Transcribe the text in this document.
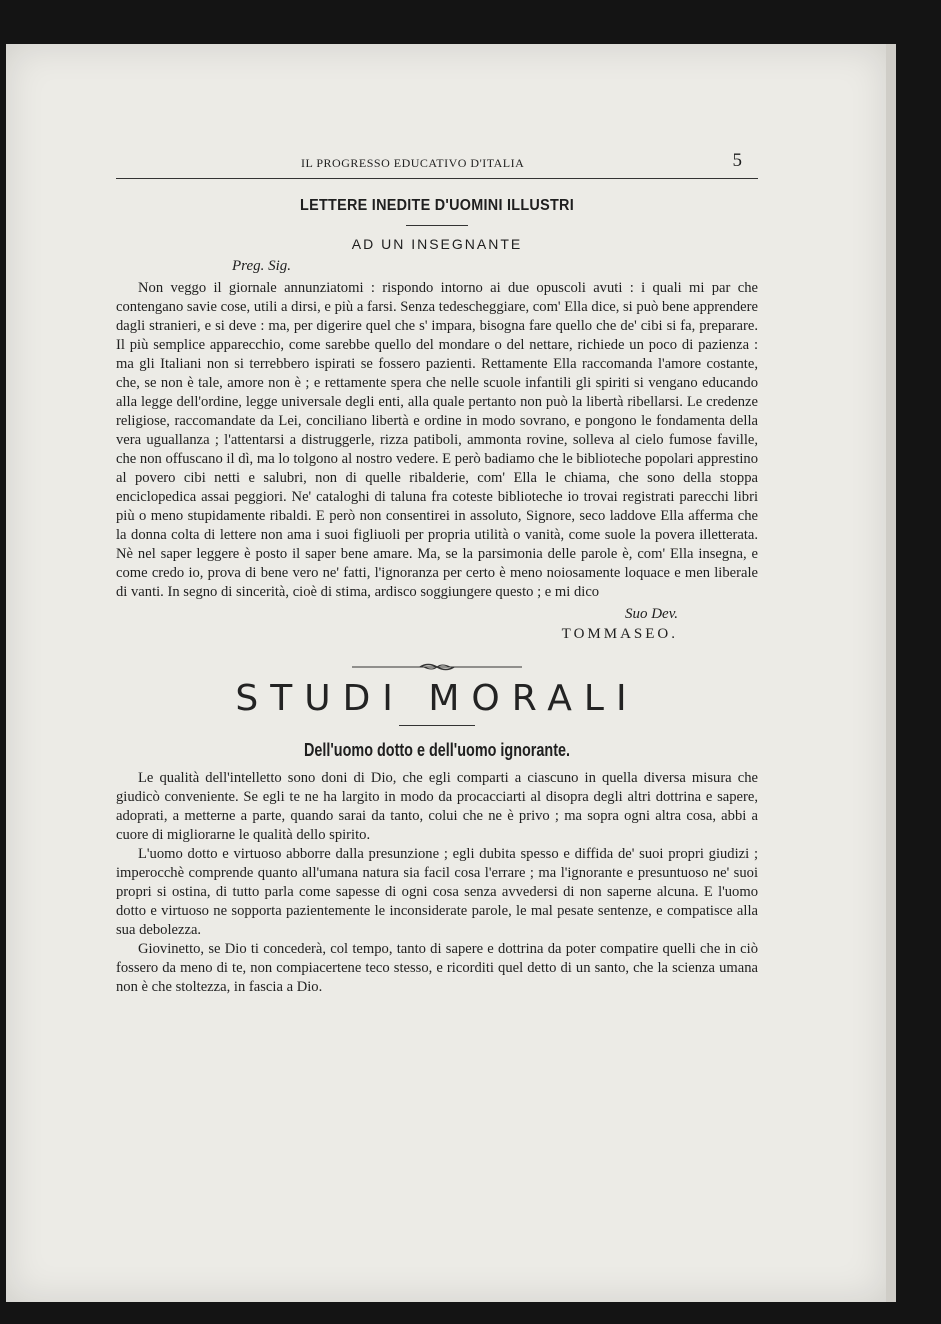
IL PROGRESSO EDUCATIVO D'ITALIA	5
LETTERE INEDITE D'UOMINI ILLUSTRI
AD UN INSEGNANTE
Preg. Sig.

Non veggo il giornale annunziatomi : rispondo intorno ai due opuscoli avuti : i quali mi par che contengano savie cose, utili a dirsi, e più a farsi. Senza tedescheggiare, com' Ella dice, si può bene apprendere dagli stranieri, e si deve : ma, per digerire quel che s' impara, bisogna fare quello che de' cibi si fa, preparare. Il più semplice apparecchio, come sarebbe quello del mondare o del nettare, richiede un poco di pazienza : ma gli Italiani non si terrebbero ispirati se fossero pazienti. Rettamente Ella raccomanda l'amore costante, che, se non è tale, amore non è ; e rettamente spera che nelle scuole infantili gli spiriti si vengano educando alla legge dell'ordine, legge universale degli enti, alla quale pertanto non può la libertà ribellarsi. Le credenze religiose, raccomandate da Lei, conciliano libertà e ordine in modo sovrano, e pongono le fondamenta della vera uguallanza ; l'attentarsi a distruggerle, rizza patiboli, ammonta rovine, solleva al cielo fumose faville, che non offuscano il dì, ma lo tolgono al nostro vedere. E però badiamo che le biblioteche popolari apprestino al povero cibi netti e salubri, non di quelle ribalderie, com' Ella le chiama, che sono della stoppa enciclopedica assai peggiori. Ne' cataloghi di taluna fra coteste biblioteche io trovai registrati parecchi libri più o meno stupidamente ribaldi. E però non consentirei in assoluto, Signore, seco laddove Ella afferma che la donna colta di lettere non ama i suoi figliuoli per propria utilità o vanità, come suole la povera illetterata. Nè nel saper leggere è posto il saper bene amare. Ma, se la parsimonia delle parole è, com' Ella insegna, e come credo io, prova di bene vero ne' fatti, l'ignoranza per certo è meno noiosamente loquace e men liberale di vanti. In segno di sincerità, cioè di stima, ardisco soggiungere questo ; e mi dico

Suo Dev.
TOMMASEO.
STUDI MORALI
Dell'uomo dotto e dell'uomo ignorante.

Le qualità dell'intelletto sono doni di Dio, che egli comparti a ciascuno in quella diversa misura che giudicò conveniente. Se egli te ne ha largito in modo da procacciarti al disopra degli altri dottrina e sapere, adoprati, a metterne a parte, quando sarai da tanto, colui che ne è privo ; ma sopra ogni altra cosa, abbi a cuore di migliorarne le qualità dello spirito.

L'uomo dotto e virtuoso abborre dalla presunzione ; egli dubita spesso e diffida de' suoi propri giudizi ; imperocchè comprende quanto all'umana natura sia facil cosa l'errare ; ma l'ignorante e presuntuoso ne' suoi propri si ostina, di tutto parla come sapesse di ogni cosa senza avvedersi di non saperne alcuna. E l'uomo dotto e virtuoso ne sopporta pazientemente le inconsiderate parole, le mal pesate sentenze, e compatisce alla sua debolezza.

Giovinetto, se Dio ti concederà, col tempo, tanto di sapere e dottrina da poter compatire quelli che in ciò fossero da meno di te, non compiacertene teco stesso, e ricorditi quel detto di un santo, che la scienza umana non è che stoltezza, in fascia a Dio.
